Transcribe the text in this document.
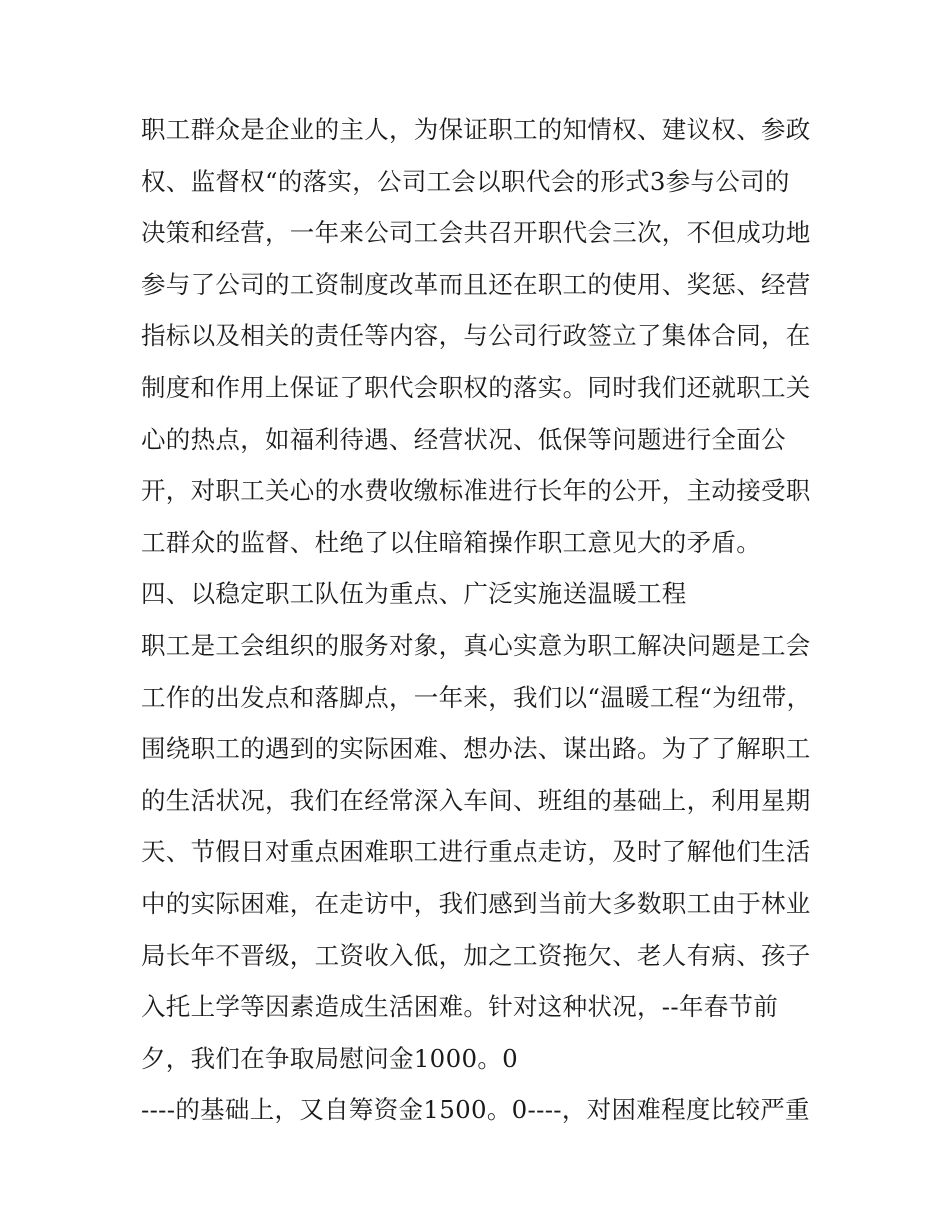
职工群众是企业的主人，为保证职工的知情权、建议权、参政
权、监督权“的落实，公司工会以职代会的形式3参与公司的
决策和经营，一年来公司工会共召开职代会三次，不但成功地
参与了公司的工资制度改革而且还在职工的使用、奖惩、经营
指标以及相关的责任等内容，与公司行政签立了集体合同，在
制度和作用上保证了职代会职权的落实。同时我们还就职工关
心的热点，如福利待遇、经营状况、低保等问题进行全面公
开，对职工关心的水费收缴标准进行长年的公开，主动接受职
工群众的监督、杜绝了以住暗箱操作职工意见大的矛盾。
四、以稳定职工队伍为重点、广泛实施送温暖工程
职工是工会组织的服务对象，真心实意为职工解决问题是工会
工作的出发点和落脚点，一年来，我们以“温暖工程“为纽带，
围绕职工的遇到的实际困难、想办法、谋出路。为了了解职工
的生活状况，我们在经常深入车间、班组的基础上，利用星期
天、节假日对重点困难职工进行重点走访，及时了解他们生活
中的实际困难，在走访中，我们感到当前大多数职工由于林业
局长年不晋级，工资收入低，加之工资拖欠、老人有病、孩子
入托上学等因素造成生活困难。针对这种状况，--年春节前
夕，我们在争取局慰问金1000。0
----的基础上，又自筹资金1500。0----，对困难程度比较严重
